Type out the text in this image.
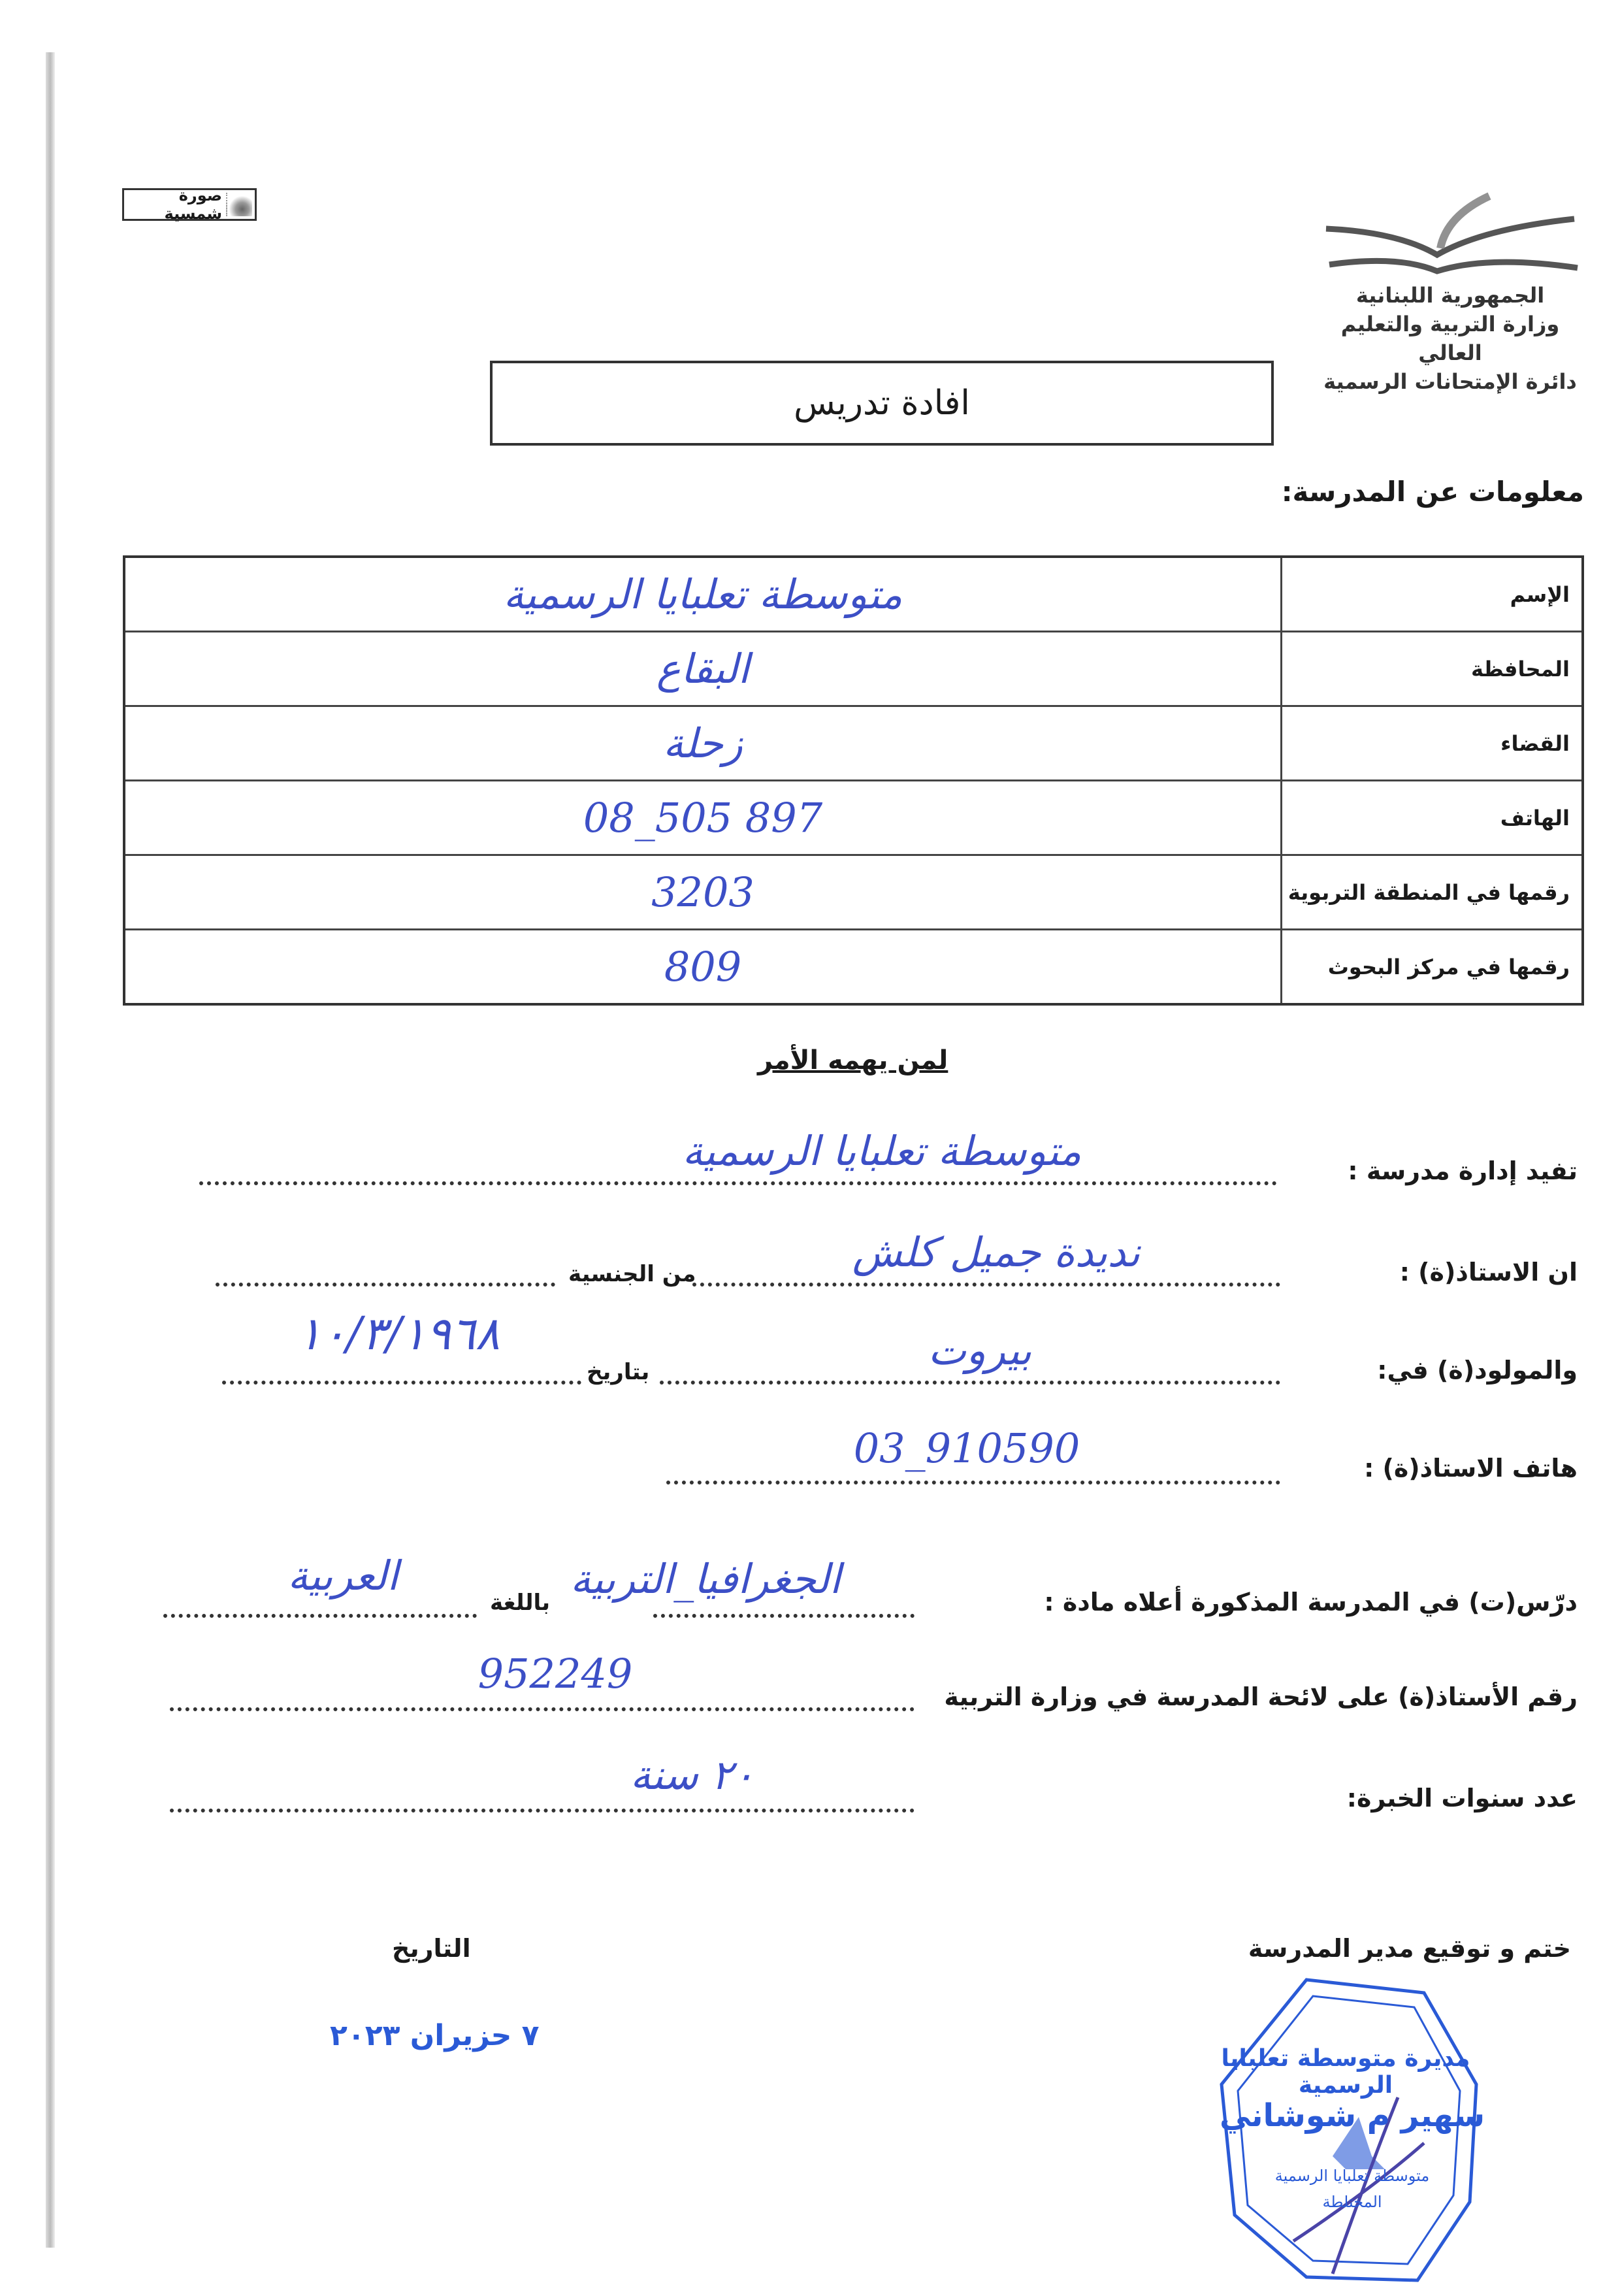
صورة شمسية
الجمهورية اللبنانية
وزارة التربية والتعليم العالي
دائرة الإمتحانات الرسمية
افادة تدريس
معلومات عن المدرسة:
الإسم	متوسطة تعلبايا الرسمية
المحافظة	البقاع
القضاء	زحلة
الهاتف	08_505 897
رقمها في المنطقة التربوية	3203
رقمها في مركز البحوث	809
لمن يهمه الأمر
تفيد إدارة مدرسة :
متوسطة تعلبايا الرسمية
ان الاستاذ(ة) :
نديدة جميل كلش
من الجنسية
والمولود(ة) في:
بيروت
بتاريخ
١٠/٣/١٩٦٨
هاتف الاستاذ(ة) :
03_910590
درّس(ت) في المدرسة المذكورة أعلاه مادة :
الجغرافيا_التربية
باللغة
العربية
رقم الأستاذ(ة) على لائحة المدرسة في وزارة التربية
952249
عدد سنوات الخبرة:
٢٠ سنة
ختم و توقيع مدير المدرسة
التاريخ
٧ حزيران ٢٠٢٣
مديرة متوسطة تعلبايا الرسمية
سهير م شوشاني
متوسطة تعلبايا الرسمية المختلطة
